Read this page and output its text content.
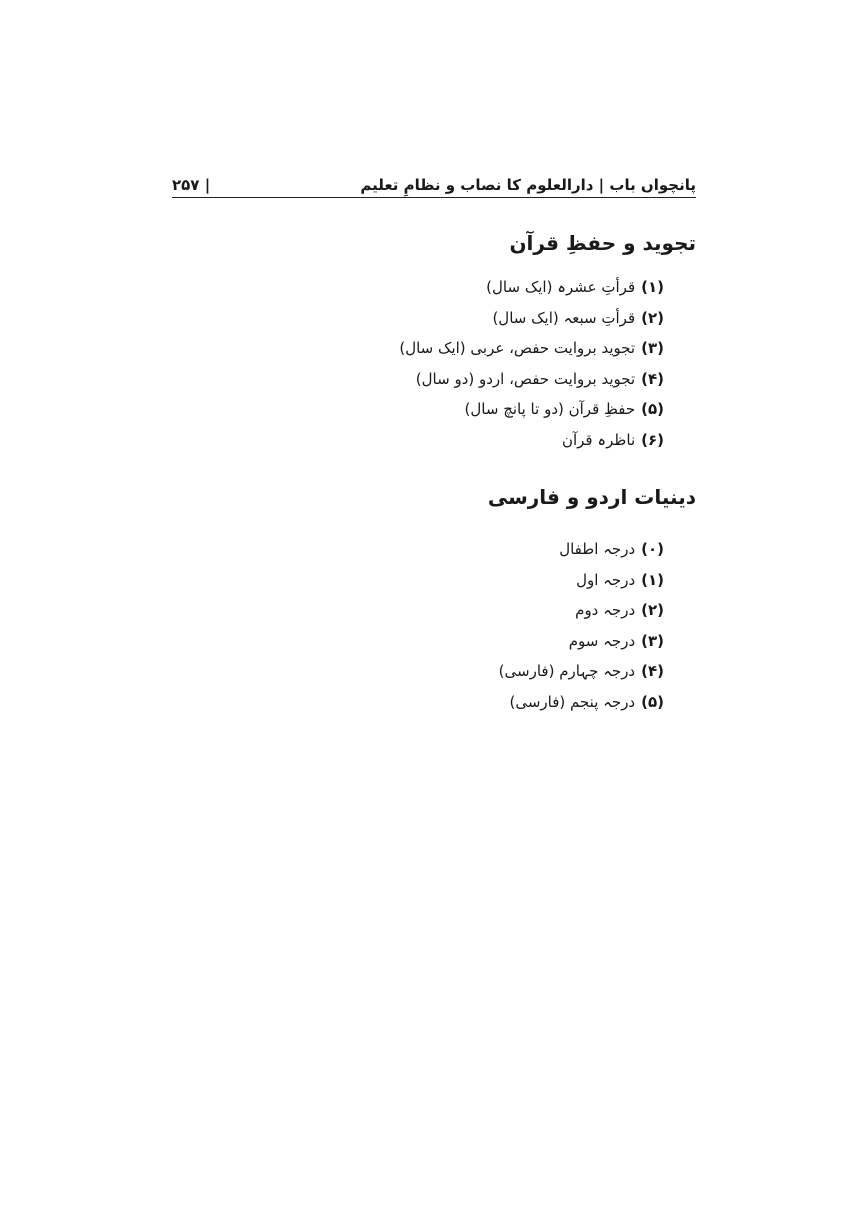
پانچواں باب | دارالعلوم کا نصاب و نظامِ تعلیم
| ۲۵۷
تجوید و حفظِ قرآن
(۱)قرأتِ عشرہ (ایک سال)
(۲)قرأتِ سبعہ (ایک سال)
(۳)تجوید بروایت حفص، عربی (ایک سال)
(۴)تجوید بروایت حفص، اردو (دو سال)
(۵)حفظِ قرآن (دو تا پانچ سال)
(۶)ناظرہ قرآن
دینیات اردو و فارسی
(۰)درجہ اطفال
(۱)درجہ اول
(۲)درجہ دوم
(۳)درجہ سوم
(۴)درجہ چہارم (فارسی)
(۵)درجہ پنجم (فارسی)
